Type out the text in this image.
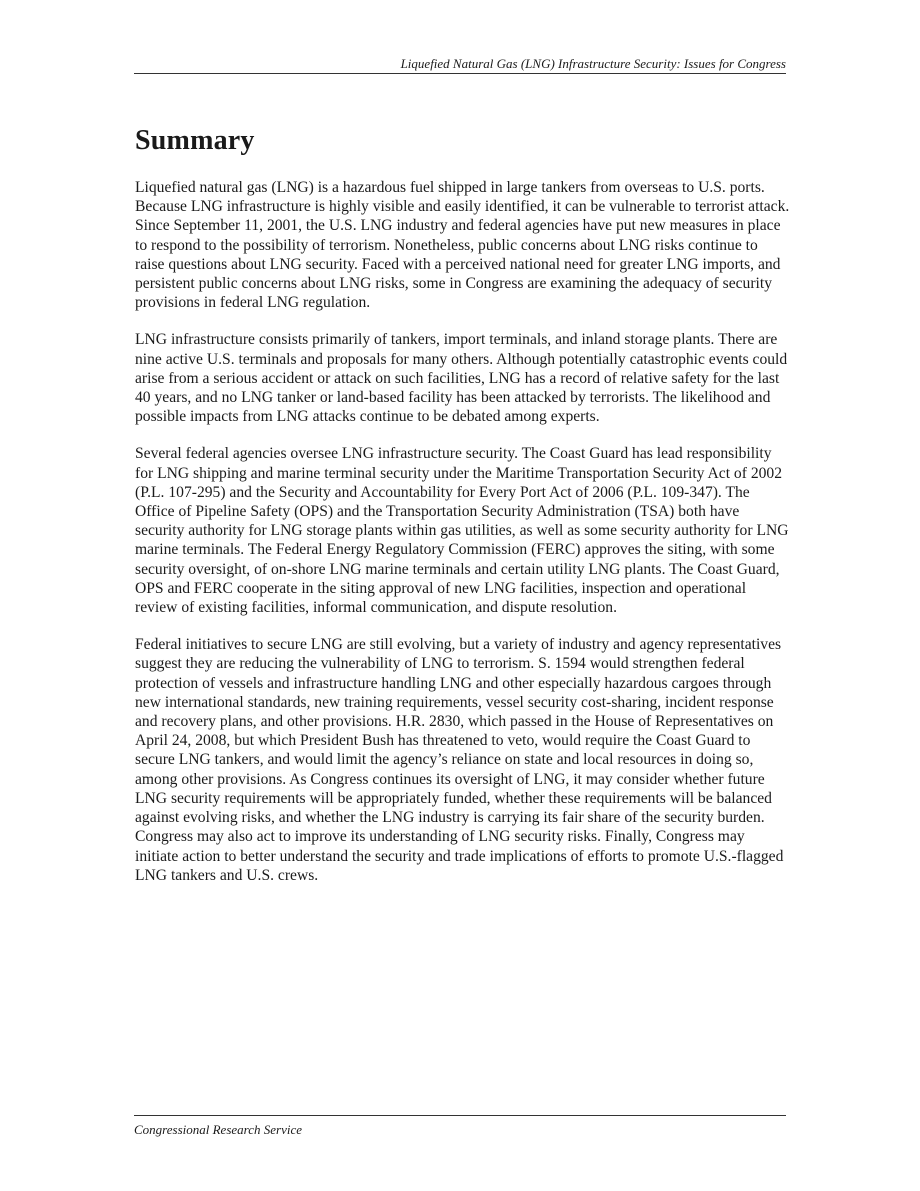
Liquefied Natural Gas (LNG) Infrastructure Security: Issues for Congress
Summary

Liquefied natural gas (LNG) is a hazardous fuel shipped in large tankers from overseas to U.S. ports. Because LNG infrastructure is highly visible and easily identified, it can be vulnerable to terrorist attack. Since September 11, 2001, the U.S. LNG industry and federal agencies have put new measures in place to respond to the possibility of terrorism. Nonetheless, public concerns about LNG risks continue to raise questions about LNG security. Faced with a perceived national need for greater LNG imports, and persistent public concerns about LNG risks, some in Congress are examining the adequacy of security provisions in federal LNG regulation.

LNG infrastructure consists primarily of tankers, import terminals, and inland storage plants. There are nine active U.S. terminals and proposals for many others. Although potentially catastrophic events could arise from a serious accident or attack on such facilities, LNG has a record of relative safety for the last 40 years, and no LNG tanker or land-based facility has been attacked by terrorists. The likelihood and possible impacts from LNG attacks continue to be debated among experts.

Several federal agencies oversee LNG infrastructure security. The Coast Guard has lead responsibility for LNG shipping and marine terminal security under the Maritime Transportation Security Act of 2002 (P.L. 107-295) and the Security and Accountability for Every Port Act of 2006 (P.L. 109-347). The Office of Pipeline Safety (OPS) and the Transportation Security Administration (TSA) both have security authority for LNG storage plants within gas utilities, as well as some security authority for LNG marine terminals. The Federal Energy Regulatory Commission (FERC) approves the siting, with some security oversight, of on-shore LNG marine terminals and certain utility LNG plants. The Coast Guard, OPS and FERC cooperate in the siting approval of new LNG facilities, inspection and operational review of existing facilities, informal communication, and dispute resolution.

Federal initiatives to secure LNG are still evolving, but a variety of industry and agency representatives suggest they are reducing the vulnerability of LNG to terrorism. S. 1594 would strengthen federal protection of vessels and infrastructure handling LNG and other especially hazardous cargoes through new international standards, new training requirements, vessel security cost-sharing, incident response and recovery plans, and other provisions. H.R. 2830, which passed in the House of Representatives on April 24, 2008, but which President Bush has threatened to veto, would require the Coast Guard to secure LNG tankers, and would limit the agency’s reliance on state and local resources in doing so, among other provisions. As Congress continues its oversight of LNG, it may consider whether future LNG security requirements will be appropriately funded, whether these requirements will be balanced against evolving risks, and whether the LNG industry is carrying its fair share of the security burden. Congress may also act to improve its understanding of LNG security risks. Finally, Congress may initiate action to better understand the security and trade implications of efforts to promote U.S.-flagged LNG tankers and U.S. crews.

Congressional Research Service
